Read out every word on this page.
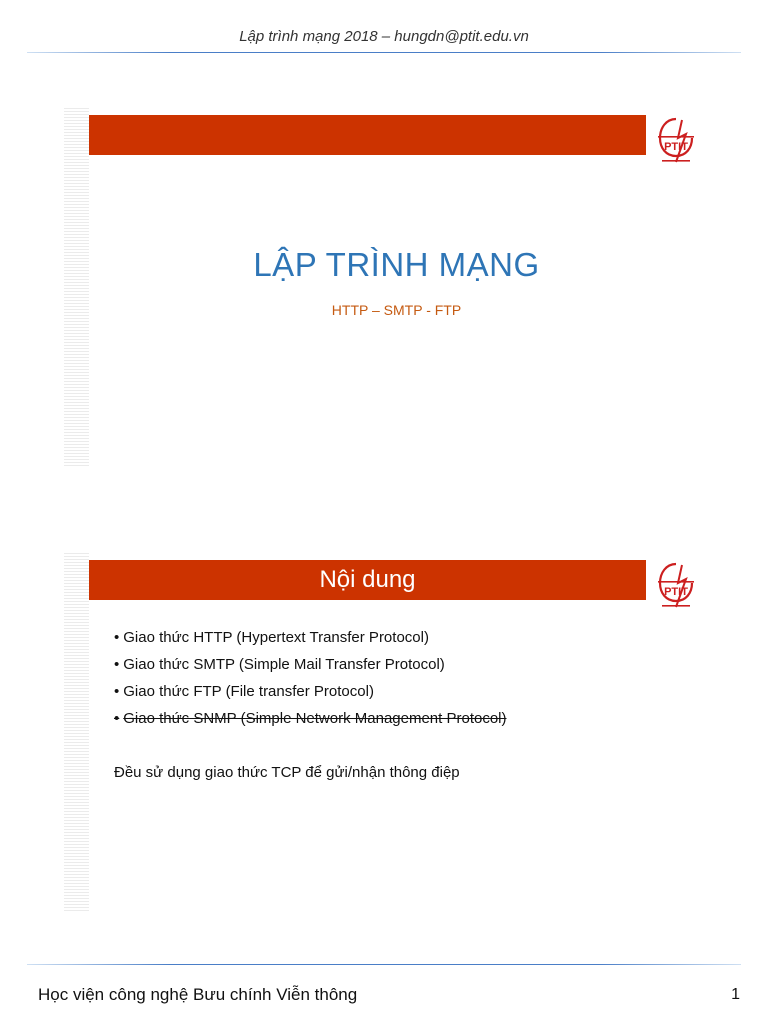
Lập trình mạng 2018 – hungdn@ptit.edu.vn
PTIT
LẬP TRÌNH MẠNG
HTTP – SMTP - FTP
Nội dung	PTIT
• Giao thức HTTP (Hypertext Transfer Protocol)
• Giao thức SMTP (Simple Mail Transfer Protocol)
• Giao thức FTP (File transfer Protocol)
• Giao thức SNMP (Simple Network Management Protocol)
Đều sử dụng giao thức TCP để gửi/nhận thông điệp
Học viện công nghệ Bưu chính Viễn thông	1
